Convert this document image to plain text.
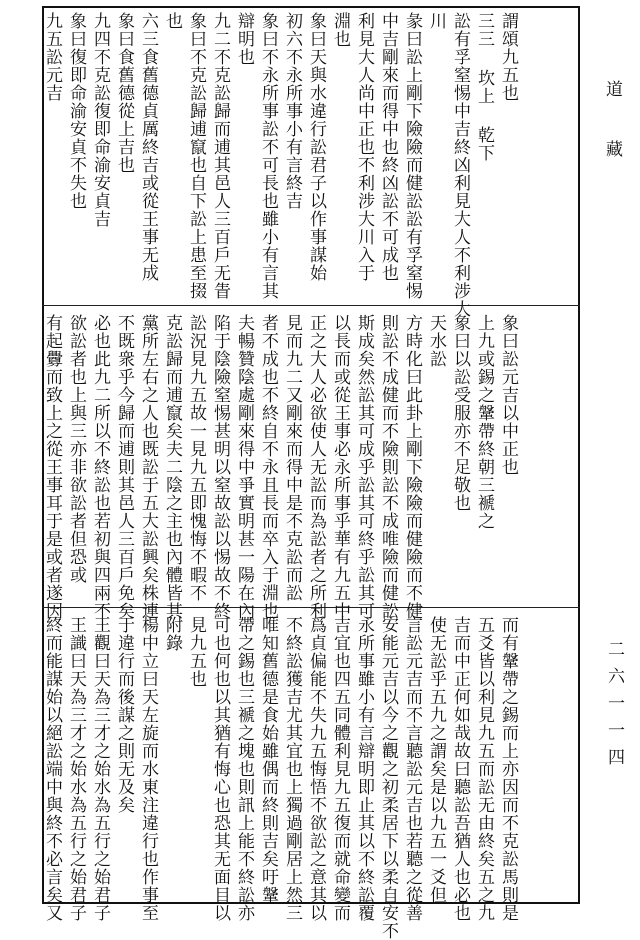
道
藏
二六一一四
謂頌九五也
三三 坎上 乾下
訟有孚窒惕中吉終凶利見大人不利涉大
川
彖曰訟上剛下險險而健訟訟有孚窒惕
中吉剛來而得中也終凶訟不可成也
利見大人尚中正也不利涉大川入于
淵也
象曰天與水違行訟君子以作事謀始
初六不永所事小有言終吉
象曰不永所事訟不可長也雖小有言其
辯明也
九二不克訟歸而逋其邑人三百戶无眚
象曰不克訟歸逋竄也自下訟上患至掇
也
六三食舊德貞厲終吉或從王事无成
象曰食舊德從上吉也
九四不克訟復即命渝安貞吉
象曰復即命渝安貞不失也
九五訟元吉
象曰訟元吉以中正也
上九或錫之鞶帶終朝三褫之
象曰以訟受服亦不足敬也
天水訟
方時化曰此卦上剛下險險而健險而不健
則訟不成健而不險則訟不成唯險而健訟
斯成矣然訟其可成乎訟其可終乎訟其可
以長而或從王事必永所事乎華有九五中
正之大人必欲使人无訟而為訟者之所利
見而九二又剛來而得中是不克訟而訟
者不成也不終自不永且長而卒入于淵也
夫暢贊陰處剛來得中爭實明甚一陽在內
陷于陰險窒惕甚明以窒故訟以惕故不終
訟況見九五故一見九五即愧悔不暇不
克訟歸而逋竄矣夫二陰之主也內體皆其
黨所左右之人也既訟于五大訟興矣株連
不既衆乎今歸而逋則其邑人三百戶免矣
必也此九二所以不終訟也若初與四兩不
欲訟者也上與三亦非欲訟者但恐或
有起釁而致上之從王事耳于是或者遂因
而有鞶帶之錫而上亦因而不克訟馬則是
五爻皆以利見九五而訟无由終矣五之九
吉而中正何如哉故曰聽訟吾猶人也必也
使无訟乎五九之謂矣是以九五一爻但
言訟元吉而不言聽訟元吉也若聽之從善
安能元吉以今之觀之初柔居下以柔自安不
永所事雖小有言辯明即止其以不終訟覆
吉宜也四五同體利見九五復而就命變而
爲貞偏能不失九五悔悟不欲訟之意其以
不終訟獲吉尤其宜也上獨過剛居上然三
唯知舊德是食始雖偶而終則吉矣吁鞶
帶之錫也三褫之塊也則訊上能不終訟亦
可也何也以其猶有悔心也恐其无面目以
見九五也
附錄
楊中立曰天左旋而水東注違行也作事至
于違行而後謀之則无及矣
王觀曰天為三才之始水為五行之始君子
王識曰天為三才之始水為五行之始君子
終而能謀始以絕訟端中與終不必言矣又
